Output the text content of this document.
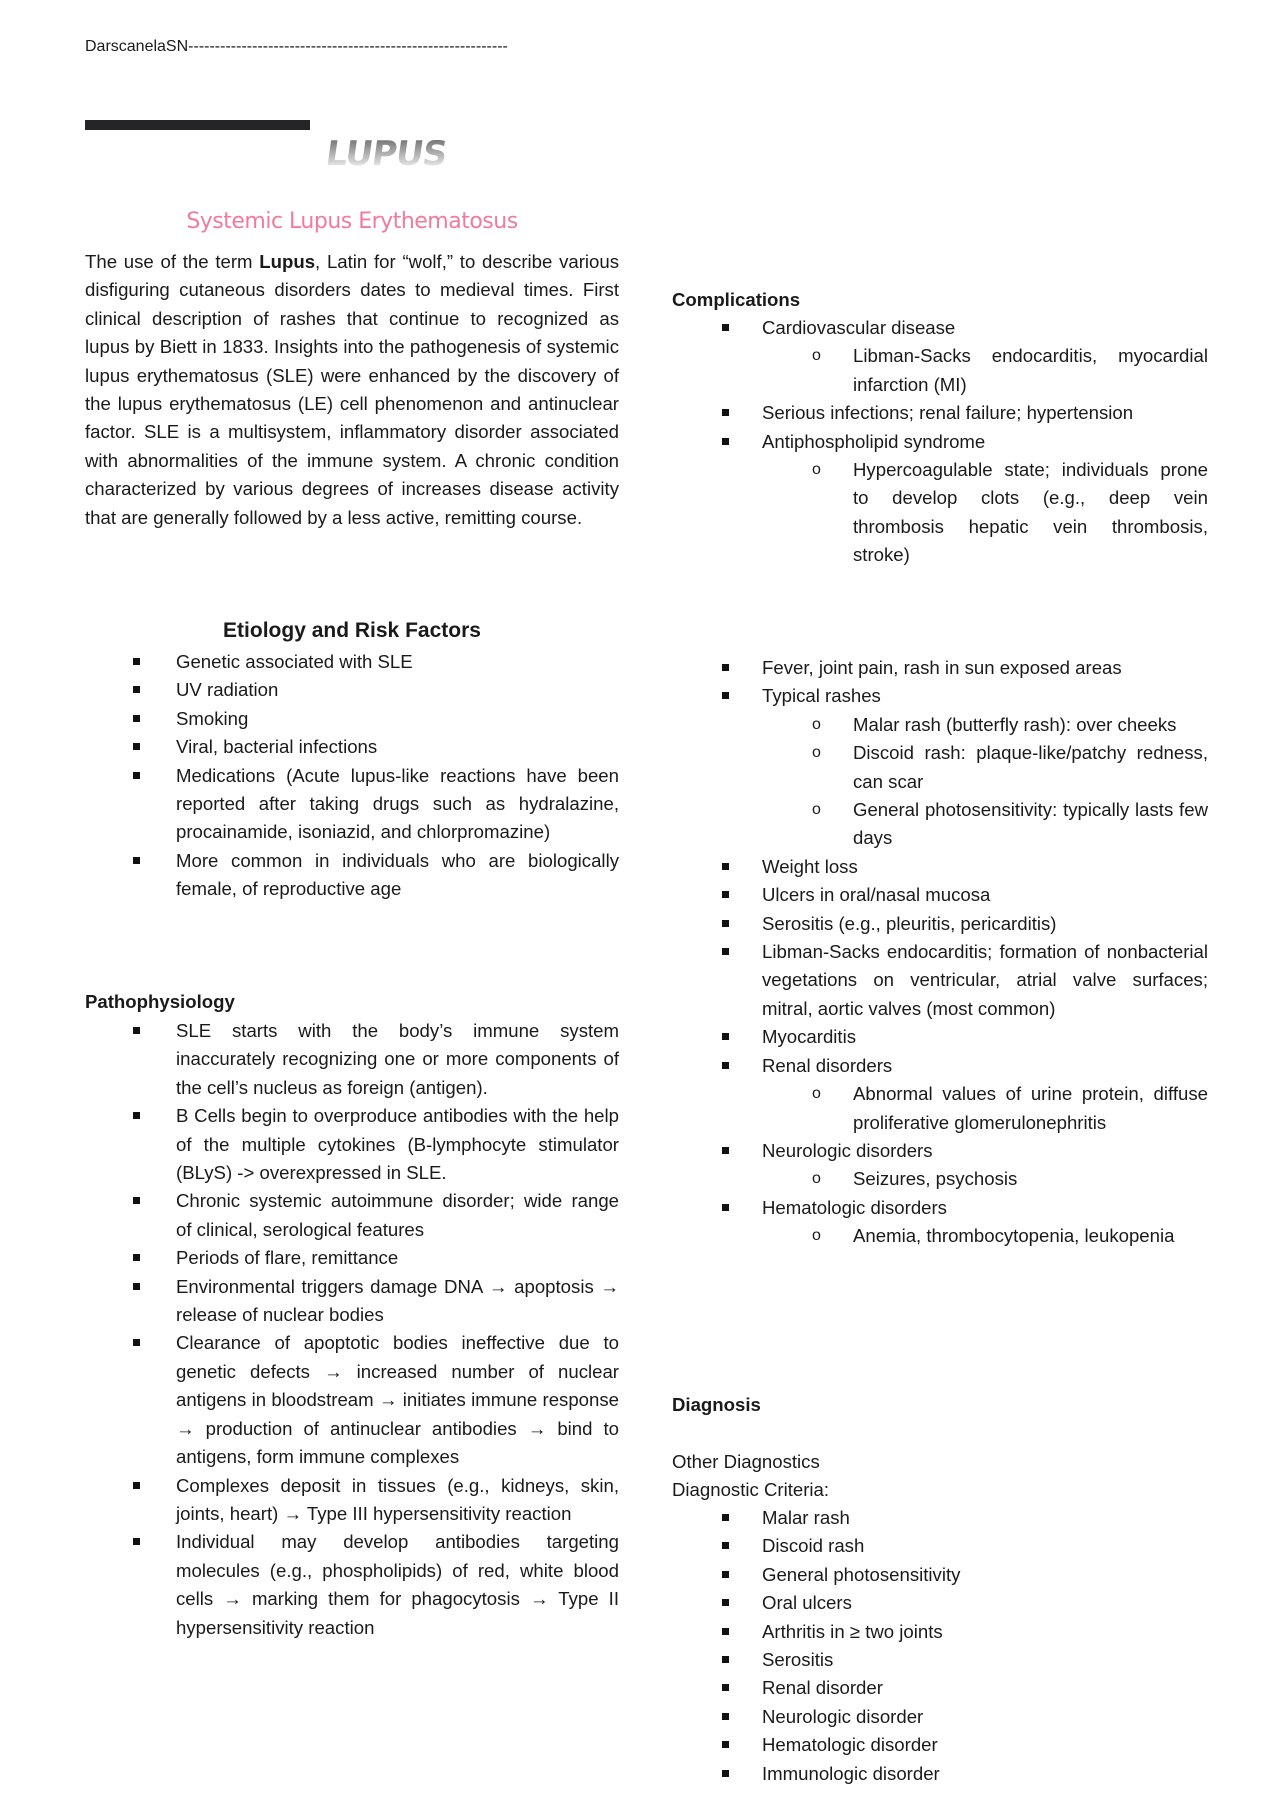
DarscanelaSN------------------------------------------------------------
LUPUS
Systemic Lupus Erythematosus
The use of the term Lupus, Latin for “wolf,” to describe various disfiguring cutaneous disorders dates to medieval times. First clinical description of rashes that continue to recognized as lupus by Biett in 1833. Insights into the pathogenesis of systemic lupus erythematosus (SLE) were enhanced by the discovery of the lupus erythematosus (LE) cell phenomenon and antinuclear factor. SLE is a multisystem, inflammatory disorder associated with abnormalities of the immune system. A chronic condition characterized by various degrees of increases disease activity that are generally followed by a less active, remitting course.
Etiology and Risk Factors
Genetic associated with SLE
UV radiation
Smoking
Viral, bacterial infections
Medications (Acute lupus-like reactions have been reported after taking drugs such as hydralazine, procainamide, isoniazid, and chlorpromazine)
More common in individuals who are biologically female, of reproductive age
Pathophysiology
SLE starts with the body’s immune system inaccurately recognizing one or more components of the cell’s nucleus as foreign (antigen).
B Cells begin to overproduce antibodies with the help of the multiple cytokines (B-lymphocyte stimulator (BLyS) -> overexpressed in SLE.
Chronic systemic autoimmune disorder; wide range of clinical, serological features
Periods of flare, remittance
Environmental triggers damage DNA → apoptosis → release of nuclear bodies
Clearance of apoptotic bodies ineffective due to genetic defects → increased number of nuclear antigens in bloodstream → initiates immune response → production of antinuclear antibodies → bind to antigens, form immune complexes
Complexes deposit in tissues (e.g., kidneys, skin, joints, heart) → Type III hypersensitivity reaction
Individual may develop antibodies targeting molecules (e.g., phospholipids) of red, white blood cells → marking them for phagocytosis → Type II hypersensitivity reaction
Complications
Cardiovascular disease
o Libman-Sacks endocarditis, myocardial infarction (MI)
Serious infections; renal failure; hypertension
Antiphospholipid syndrome
o Hypercoagulable state; individuals prone to develop clots (e.g., deep vein thrombosis hepatic vein thrombosis, stroke)
Fever, joint pain, rash in sun exposed areas
Typical rashes
o Malar rash (butterfly rash): over cheeks
o Discoid rash: plaque-like/patchy redness, can scar
o General photosensitivity: typically lasts few days
Weight loss
Ulcers in oral/nasal mucosa
Serositis (e.g., pleuritis, pericarditis)
Libman-Sacks endocarditis; formation of nonbacterial vegetations on ventricular, atrial valve surfaces; mitral, aortic valves (most common)
Myocarditis
Renal disorders
o Abnormal values of urine protein, diffuse proliferative glomerulonephritis
Neurologic disorders
o Seizures, psychosis
Hematologic disorders
o Anemia, thrombocytopenia, leukopenia
Diagnosis
Other Diagnostics
Diagnostic Criteria:
Malar rash
Discoid rash
General photosensitivity
Oral ulcers
Arthritis in ≥ two joints
Serositis
Renal disorder
Neurologic disorder
Hematologic disorder
Immunologic disorder
